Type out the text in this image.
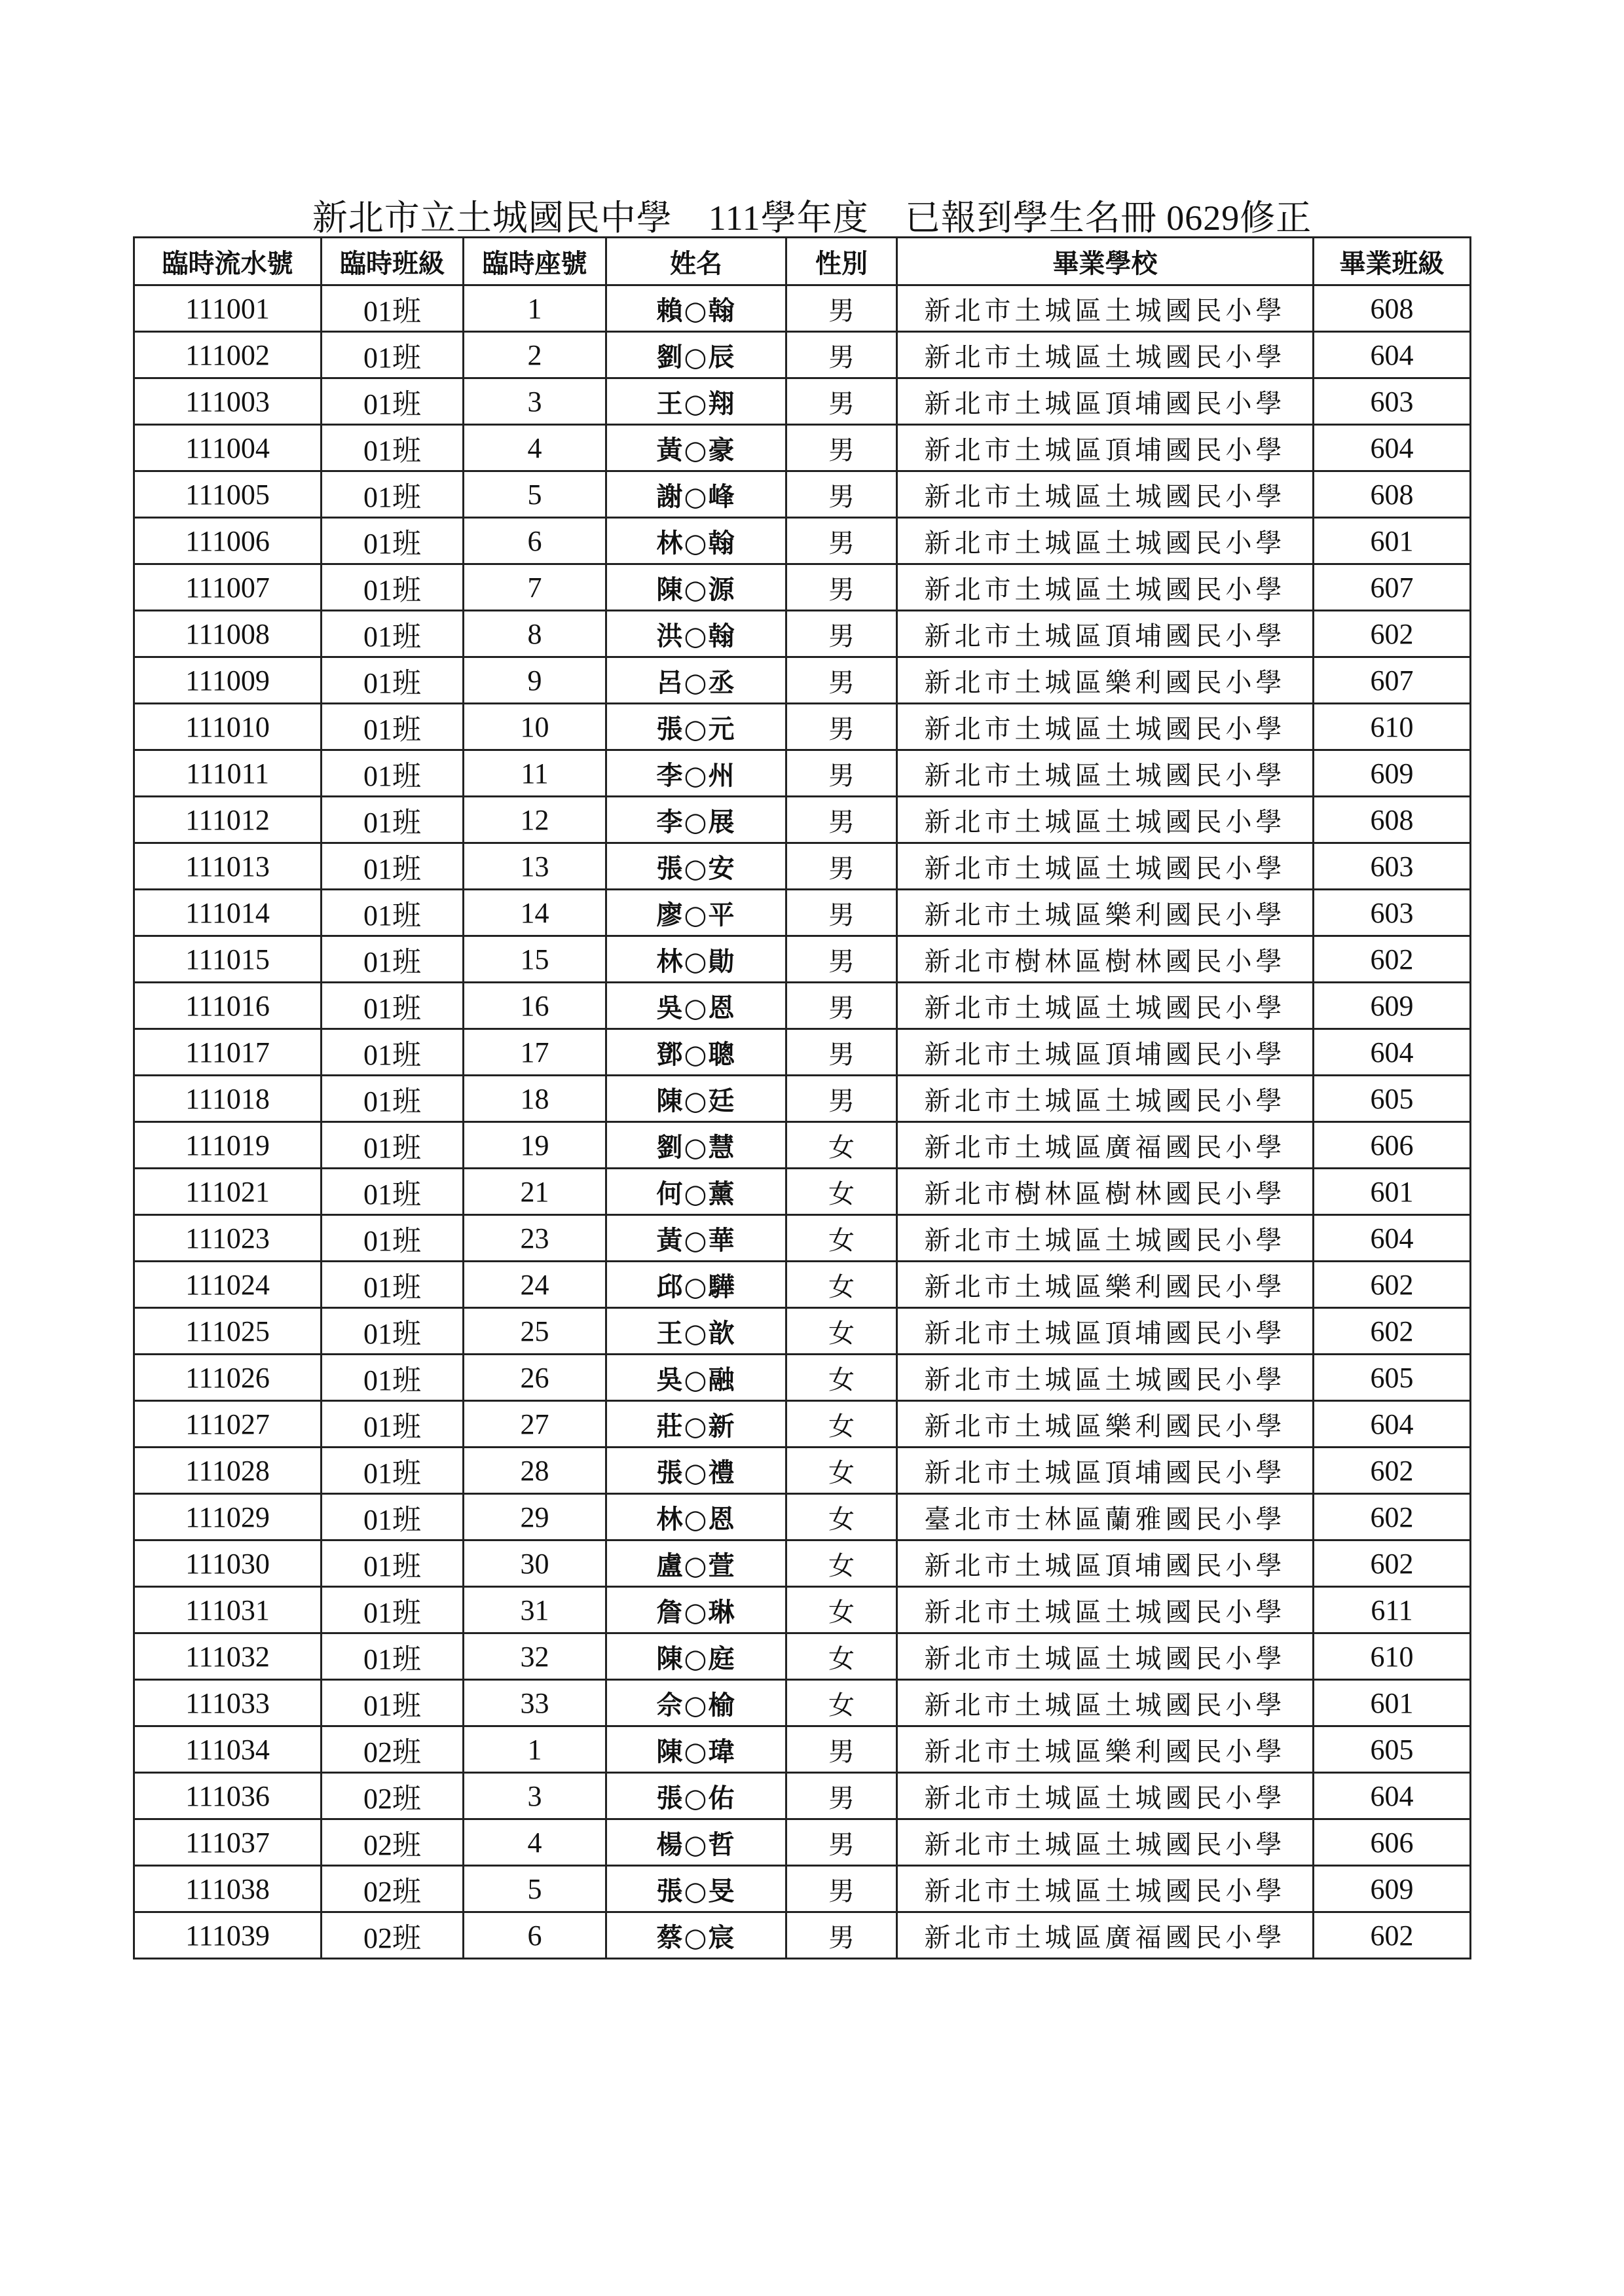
新北市立土城國民中學　111學年度　已報到學生名冊 0629修正
臨時流水號	臨時班級	臨時座號	姓名	性別	畢業學校	畢業班級
111001	01班	1	賴○翰	男	新北市土城區土城國民小學	608
111002	01班	2	劉○辰	男	新北市土城區土城國民小學	604
111003	01班	3	王○翔	男	新北市土城區頂埔國民小學	603
111004	01班	4	黃○豪	男	新北市土城區頂埔國民小學	604
111005	01班	5	謝○峰	男	新北市土城區土城國民小學	608
111006	01班	6	林○翰	男	新北市土城區土城國民小學	601
111007	01班	7	陳○源	男	新北市土城區土城國民小學	607
111008	01班	8	洪○翰	男	新北市土城區頂埔國民小學	602
111009	01班	9	呂○丞	男	新北市土城區樂利國民小學	607
111010	01班	10	張○元	男	新北市土城區土城國民小學	610
111011	01班	11	李○州	男	新北市土城區土城國民小學	609
111012	01班	12	李○展	男	新北市土城區土城國民小學	608
111013	01班	13	張○安	男	新北市土城區土城國民小學	603
111014	01班	14	廖○平	男	新北市土城區樂利國民小學	603
111015	01班	15	林○勛	男	新北市樹林區樹林國民小學	602
111016	01班	16	吳○恩	男	新北市土城區土城國民小學	609
111017	01班	17	鄧○聰	男	新北市土城區頂埔國民小學	604
111018	01班	18	陳○廷	男	新北市土城區土城國民小學	605
111019	01班	19	劉○慧	女	新北市土城區廣福國民小學	606
111021	01班	21	何○薰	女	新北市樹林區樹林國民小學	601
111023	01班	23	黃○華	女	新北市土城區土城國民小學	604
111024	01班	24	邱○驊	女	新北市土城區樂利國民小學	602
111025	01班	25	王○歆	女	新北市土城區頂埔國民小學	602
111026	01班	26	吳○融	女	新北市土城區土城國民小學	605
111027	01班	27	莊○新	女	新北市土城區樂利國民小學	604
111028	01班	28	張○禮	女	新北市土城區頂埔國民小學	602
111029	01班	29	林○恩	女	臺北市士林區蘭雅國民小學	602
111030	01班	30	盧○萱	女	新北市土城區頂埔國民小學	602
111031	01班	31	詹○琳	女	新北市土城區土城國民小學	611
111032	01班	32	陳○庭	女	新北市土城區土城國民小學	610
111033	01班	33	佘○榆	女	新北市土城區土城國民小學	601
111034	02班	1	陳○瑋	男	新北市土城區樂利國民小學	605
111036	02班	3	張○佑	男	新北市土城區土城國民小學	604
111037	02班	4	楊○哲	男	新北市土城區土城國民小學	606
111038	02班	5	張○旻	男	新北市土城區土城國民小學	609
111039	02班	6	蔡○宸	男	新北市土城區廣福國民小學	602
